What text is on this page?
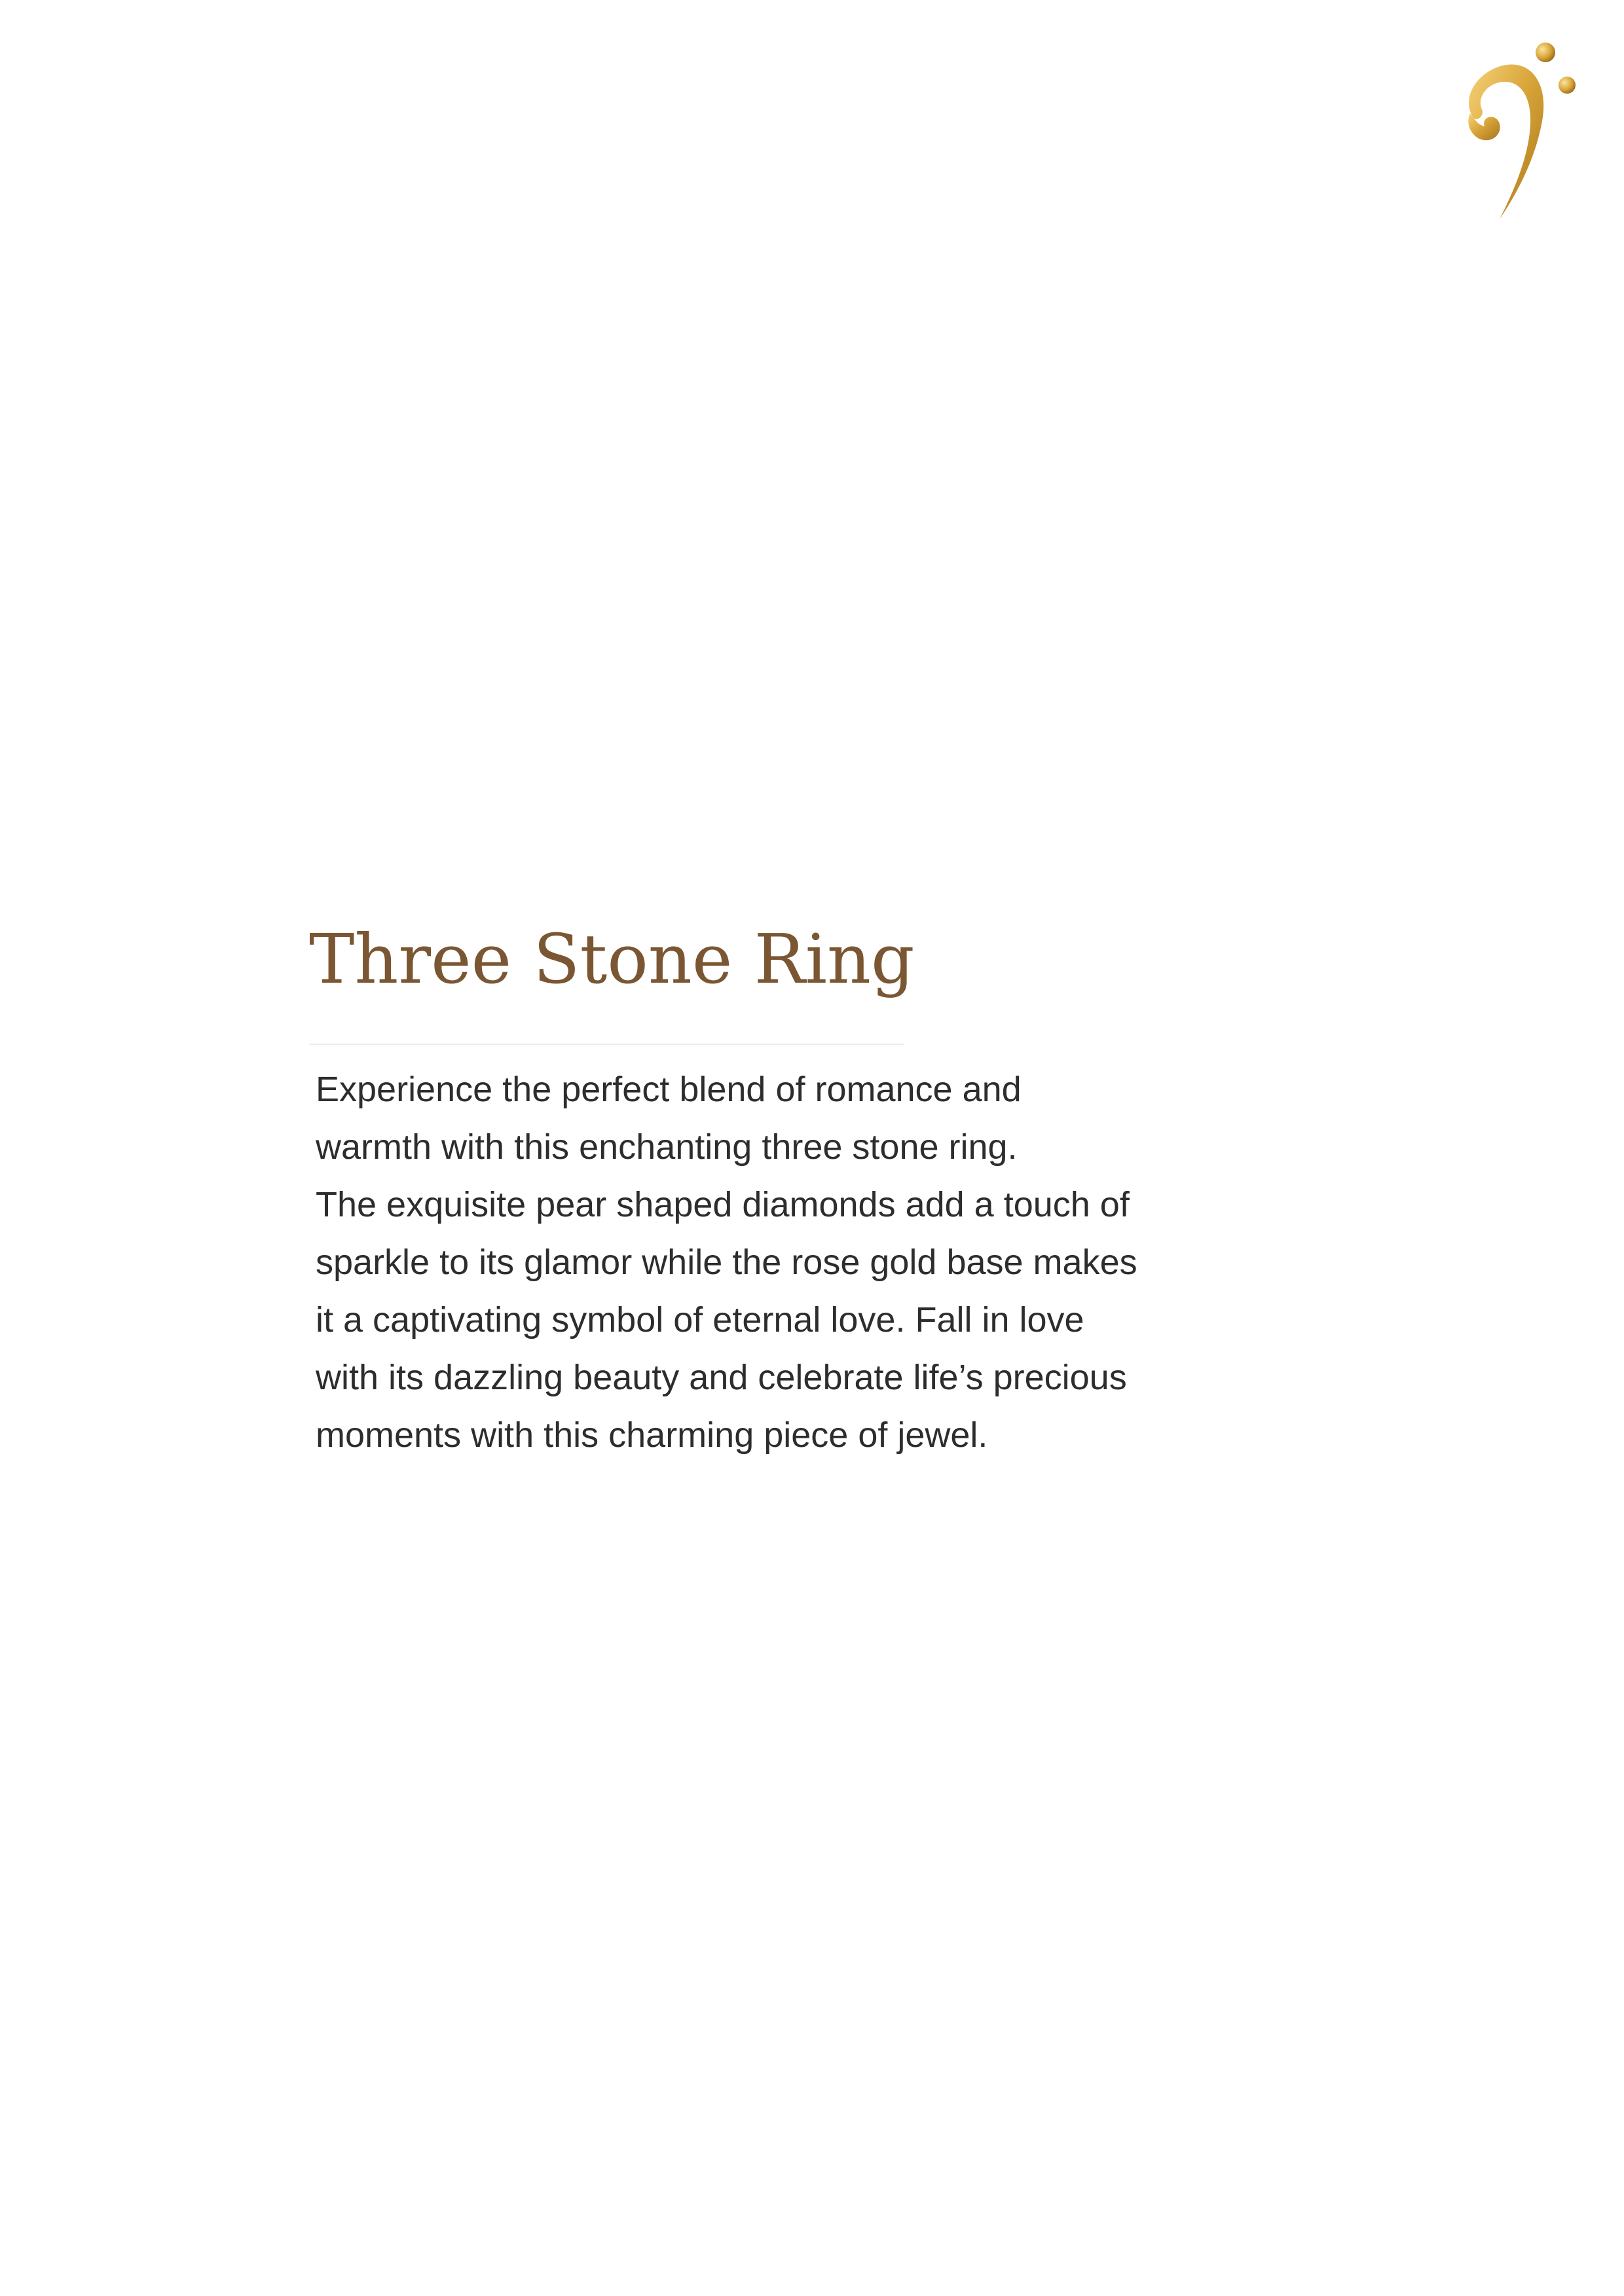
Three Stone Ring

Experience the perfect blend of romance and
warmth with this enchanting three stone ring.
The exquisite pear shaped diamonds add a touch of
sparkle to its glamor while the rose gold base makes
it a captivating symbol of eternal love. Fall in love
with its dazzling beauty and celebrate life’s precious
moments with this charming piece of jewel.
